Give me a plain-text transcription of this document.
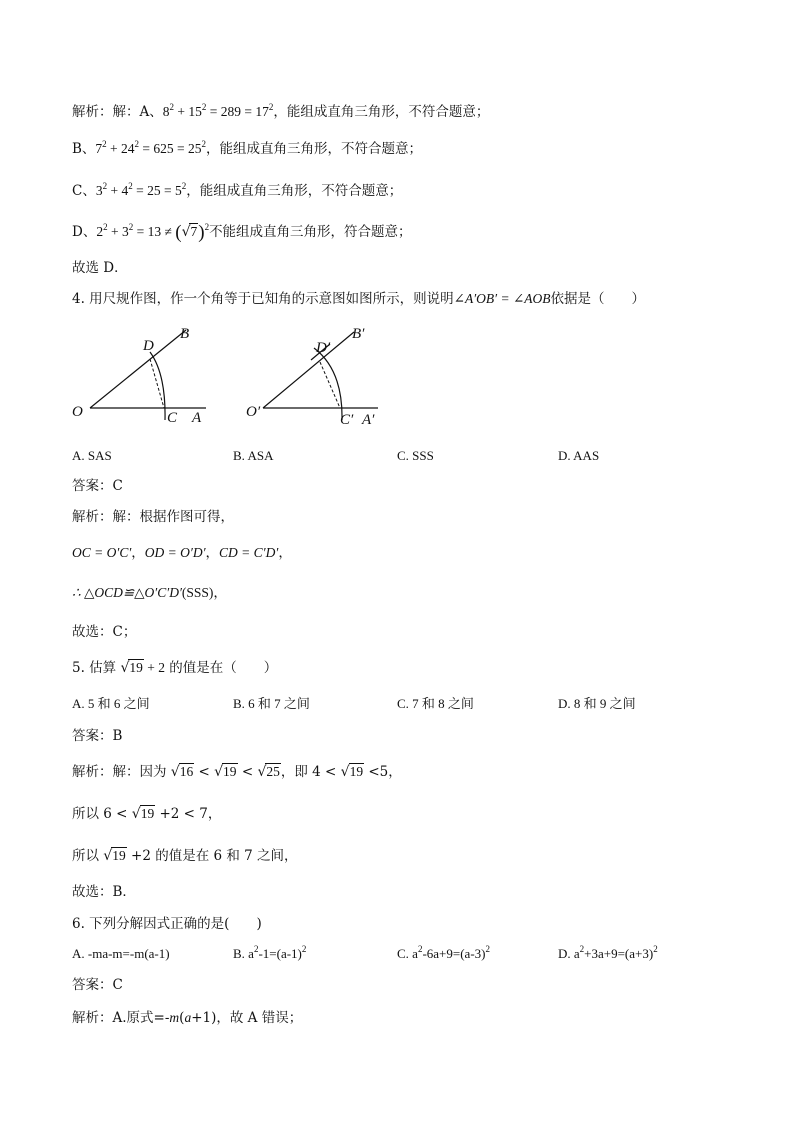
解析：解：A、$8^2 + 15^2 = 289 = 17^2$，能组成直角三角形，不符合题意；
B、$7^2 + 24^2 = 625 = 25^2$，能组成直角三角形，不符合题意；
C、$3^2 + 4^2 = 25 = 5^2$，能组成直角三角形，不符合题意；
D、$2^2 + 3^2 = 13 \ne (√7)^2$不能组成直角三角形，符合题意；
故选 D．
4. 用尺规作图，作一个角等于已知角的示意图如图所示，则说明∠A′OB′ = ∠AOB依据是（　　）
D
B
O	C A
D′
B′
O′	C′ A′
A. SAS	B. ASA	C. SSS	D. AAS
答案：C
解析：解：根据作图可得，
OC = O′C′，OD = O′D′，CD = C′D′，
∴ △OCD≌△O′C′D′(SSS)，
故选：C；
5. 估算 √19 + 2 的值是在（　　）
A. 5 和 6 之间	B. 6 和 7 之间	C. 7 和 8 之间	D. 8 和 9 之间
答案：B
解析：解：因为 √16 < √19 < √25，即 4 < √19 <5，
所以 6 < √19 +2 < 7，
所以 √19 +2 的值是在 6 和 7 之间，
故选：B．
6. 下列分解因式正确的是(　　)
A. -ma-m=-m(a-1)	B. $a^2-1=(a-1)^2$	C. $a^2-6a+9=(a-3)^2$	D. $a^2+3a+9=(a+3)^2$
答案：C
解析：A.原式=-m(a+1)，故 A 错误；
